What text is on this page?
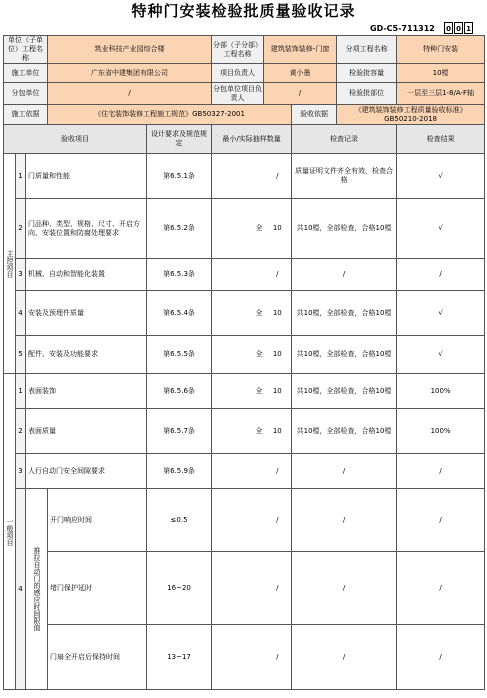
特种门安装检验批质量验收记录
GD-C5-711312 0 0 1
单位（子单位）工程名称			筑业科技产业园综合楼		分部（子分部）工程名称	建筑装饰装修-门窗		分项工程名称	特种门安装
施工单位			广东省中建集团有限公司		项目负责人	黄小墨		检验批容量	10樘
分包单位			/		分包单位项目负责人	/		检验批部位	一层至三层1-8/A-F轴
施工依据			《住宅装饰装修工程施工规范》GB50327-2001				验收依据	《建筑装饰装修工程质量验收标准》GB50210-2018	
验收项目				设计要求及规范规定	最小/实际抽样数量		检查记录		检查结果
主控项目	1	门质量和性能		第6.5.1条		/	质量证明文件齐全有效，检查合格		√
	2	门品种、类型、规格、尺寸、开启方向、安装位置和防腐处理要求		第6.5.2条	全	10	共10樘，全部检查，合格10樘		√
	3	机械、自动和智能化装置		第6.5.3条		/	/		/
	4	安装及预埋件质量		第6.5.4条	全	10	共10樘，全部检查，合格10樘		√
	5	配件、安装及功能要求		第6.5.5条	全	10	共10樘，全部检查，合格10樘		√
一般项目	1	表面装饰		第6.5.6条	全	10	共10樘，全部检查，合格10樘		100%
	2	表面质量		第6.5.7条	全	10	共10樘，全部检查，合格10樘		100%
	3	人行自动门安全间隙要求		第6.5.9条		/	/		/
	4	推拉自动门的感应时间限值	开门响应时间	≤0.5		/	/		/
			堵门保护延时	16~20		/	/		/
			门扇全开启后保持时间	13~17		/	/		/
